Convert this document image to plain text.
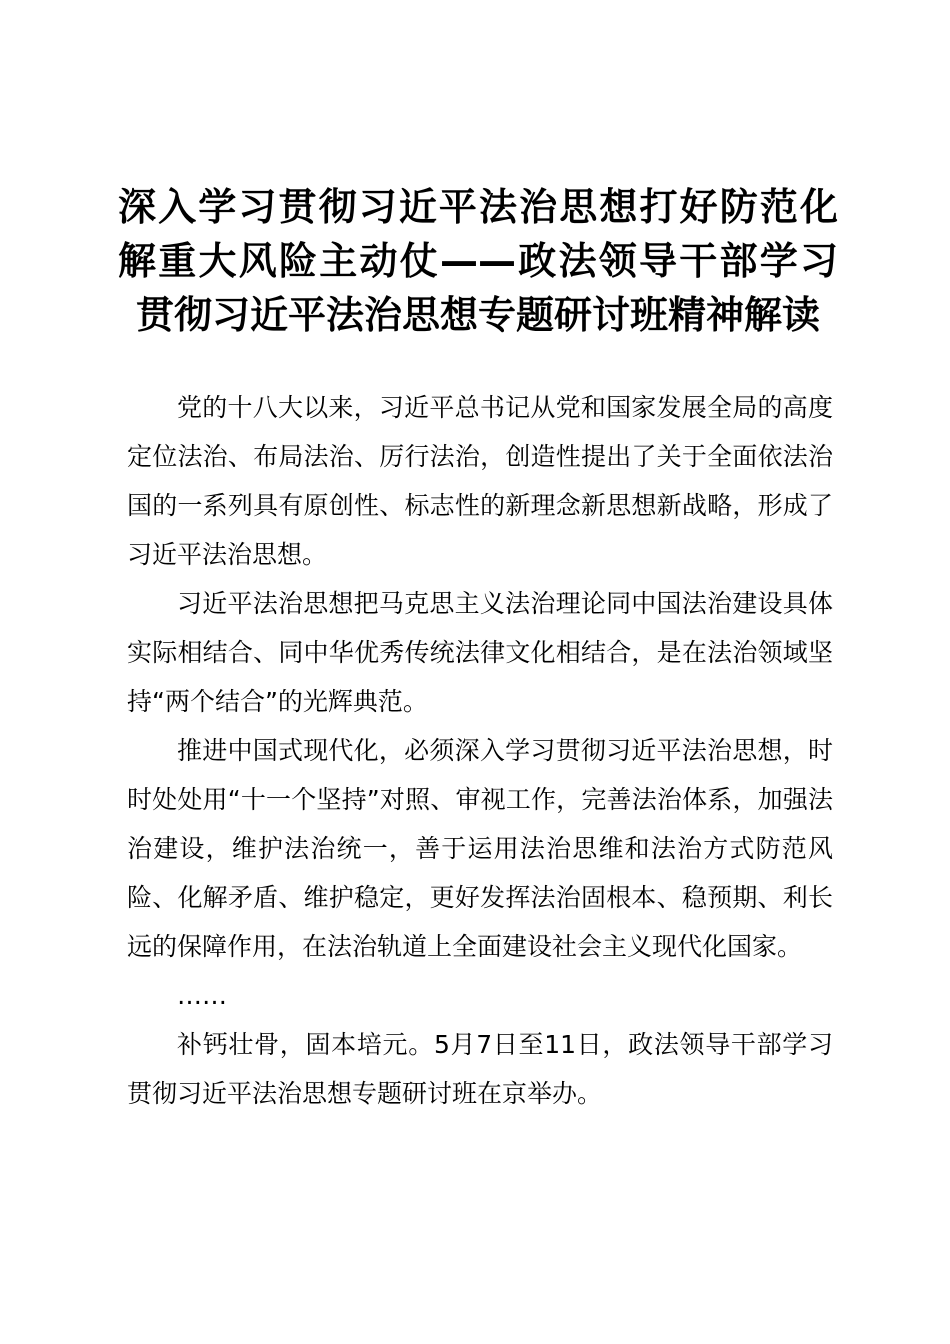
深入学习贯彻习近平法治思想打好防范化解重大风险主动仗——政法领导干部学习贯彻习近平法治思想专题研讨班精神解读

党的十八大以来，习近平总书记从党和国家发展全局的高度定位法治、布局法治、厉行法治，创造性提出了关于全面依法治国的一系列具有原创性、标志性的新理念新思想新战略，形成了习近平法治思想。

习近平法治思想把马克思主义法治理论同中国法治建设具体实际相结合、同中华优秀传统法律文化相结合，是在法治领域坚持“两个结合”的光辉典范。

推进中国式现代化，必须深入学习贯彻习近平法治思想，时时处处用“十一个坚持”对照、审视工作，完善法治体系，加强法治建设，维护法治统一，善于运用法治思维和法治方式防范风险、化解矛盾、维护稳定，更好发挥法治固根本、稳预期、利长远的保障作用，在法治轨道上全面建设社会主义现代化国家。

……

补钙壮骨，固本培元。5月7日至11日，政法领导干部学习贯彻习近平法治思想专题研讨班在京举办。
